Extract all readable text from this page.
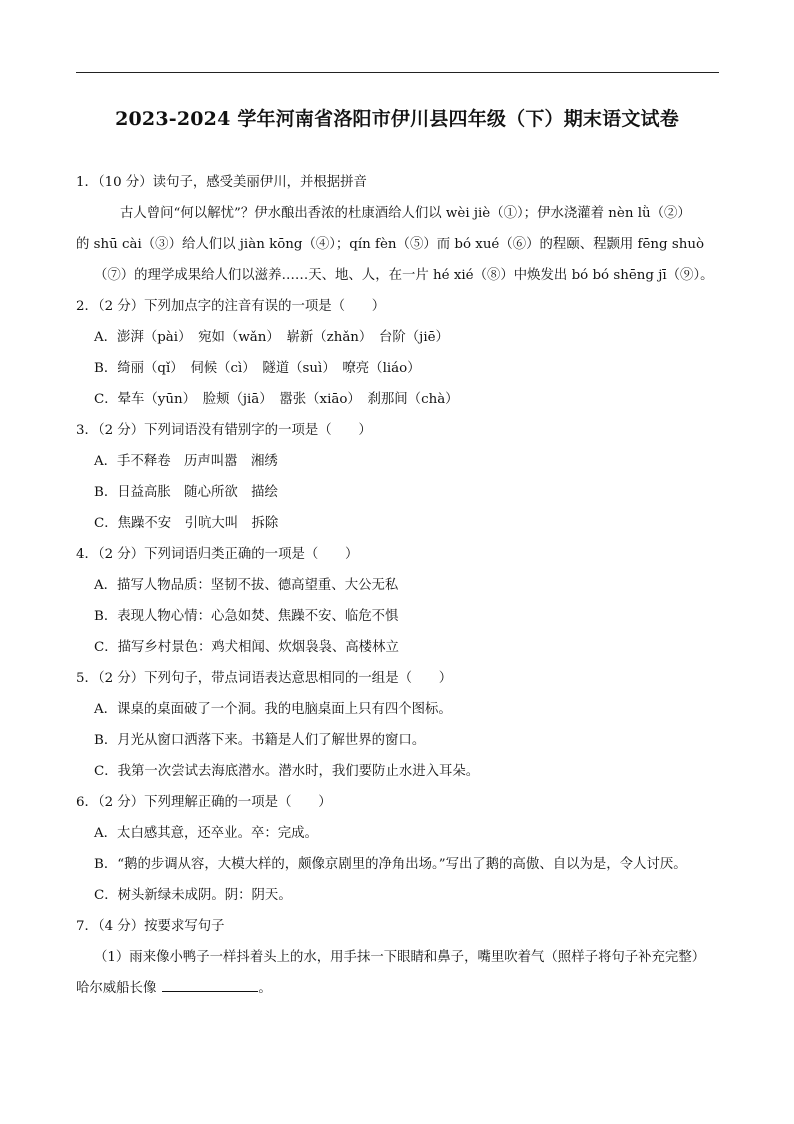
2023-2024 学年河南省洛阳市伊川县四年级（下）期末语文试卷
1．（10 分）读句子，感受美丽伊川，并根据拼音
古人曾问“何以解忧”？伊水酿出香浓的杜康酒给人们以 wèi jiè（①）；伊水浇灌着 nèn lǜ（②）
的 shū cài（③）给人们以 jiàn kōng（④）；qín fèn（⑤）而 bó xué（⑥）的程颐、程颢用 fēng shuò
（⑦）的理学成果给人们以滋养……天、地、人，在一片 hé xié（⑧）中焕发出 bó bó shēng jī（⑨）。
2．（2 分）下列加点字的注音有误的一项是（　　）
A．澎湃（pài）　宛如（wǎn）　崭新（zhǎn）　台阶（jiē）
B．绮丽（qǐ）　伺候（cì）　隧道（suì）　嘹亮（liáo）
C．晕车（yūn）　脸颊（jiā）　嚣张（xiāo）　刹那间（chà）
3．（2 分）下列词语没有错别字的一项是（　　）
A．手不释卷　历声叫嚣　湘绣
B．日益高胀　随心所欲　描绘
C．焦躁不安　引吭大叫　拆除
4．（2 分）下列词语归类正确的一项是（　　）
A．描写人物品质：坚韧不拔、德高望重、大公无私
B．表现人物心情：心急如焚、焦躁不安、临危不惧
C．描写乡村景色：鸡犬相闻、炊烟袅袅、高楼林立
5．（2 分）下列句子，带点词语表达意思相同的一组是（　　）
A．课桌的桌面破了一个洞。我的电脑桌面上只有四个图标。
B．月光从窗口洒落下来。书籍是人们了解世界的窗口。
C．我第一次尝试去海底潜水。潜水时，我们要防止水进入耳朵。
6．（2 分）下列理解正确的一项是（　　）
A．太白感其意，还卒业。卒：完成。
B．“鹅的步调从容，大模大样的，颇像京剧里的净角出场。”写出了鹅的高傲、自以为是，令人讨厌。
C．树头新绿未成阴。阴：阴天。
7．（4 分）按要求写句子
（1）雨来像小鸭子一样抖着头上的水，用手抹一下眼睛和鼻子，嘴里吹着气（照样子将句子补充完整）
哈尔威船长像	。
